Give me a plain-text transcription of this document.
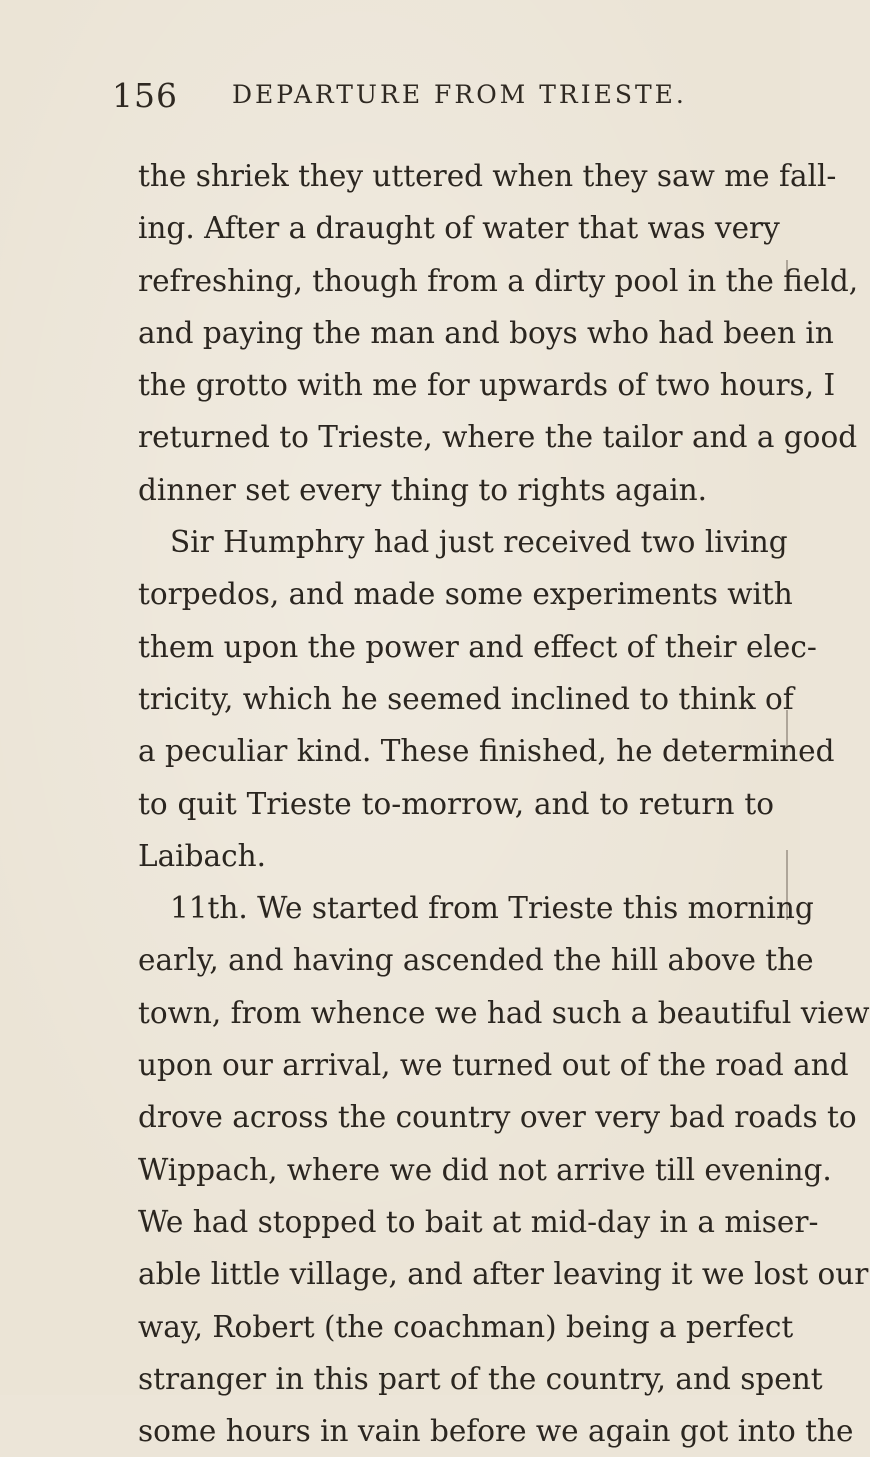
156 DEPARTURE FROM TRIESTE.
the shriek they uttered when they saw me fall-
ing. After a draught of water that was very
refreshing, though from a dirty pool in the field,
and paying the man and boys who had been in
the grotto with me for upwards of two hours, I
returned to Trieste, where the tailor and a good
dinner set every thing to rights again.
Sir Humphry had just received two living
torpedos, and made some experiments with
them upon the power and effect of their elec-
tricity, which he seemed inclined to think of
a peculiar kind. These finished, he determined
to quit Trieste to-morrow, and to return to
Laibach.
11th. We started from Trieste this morning
early, and having ascended the hill above the
town, from whence we had such a beautiful view
upon our arrival, we turned out of the road and
drove across the country over very bad roads to
Wippach, where we did not arrive till evening.
We had stopped to bait at mid-day in a miser-
able little village, and after leaving it we lost our
way, Robert (the coachman) being a perfect
stranger in this part of the country, and spent
some hours in vain before we again got into the
